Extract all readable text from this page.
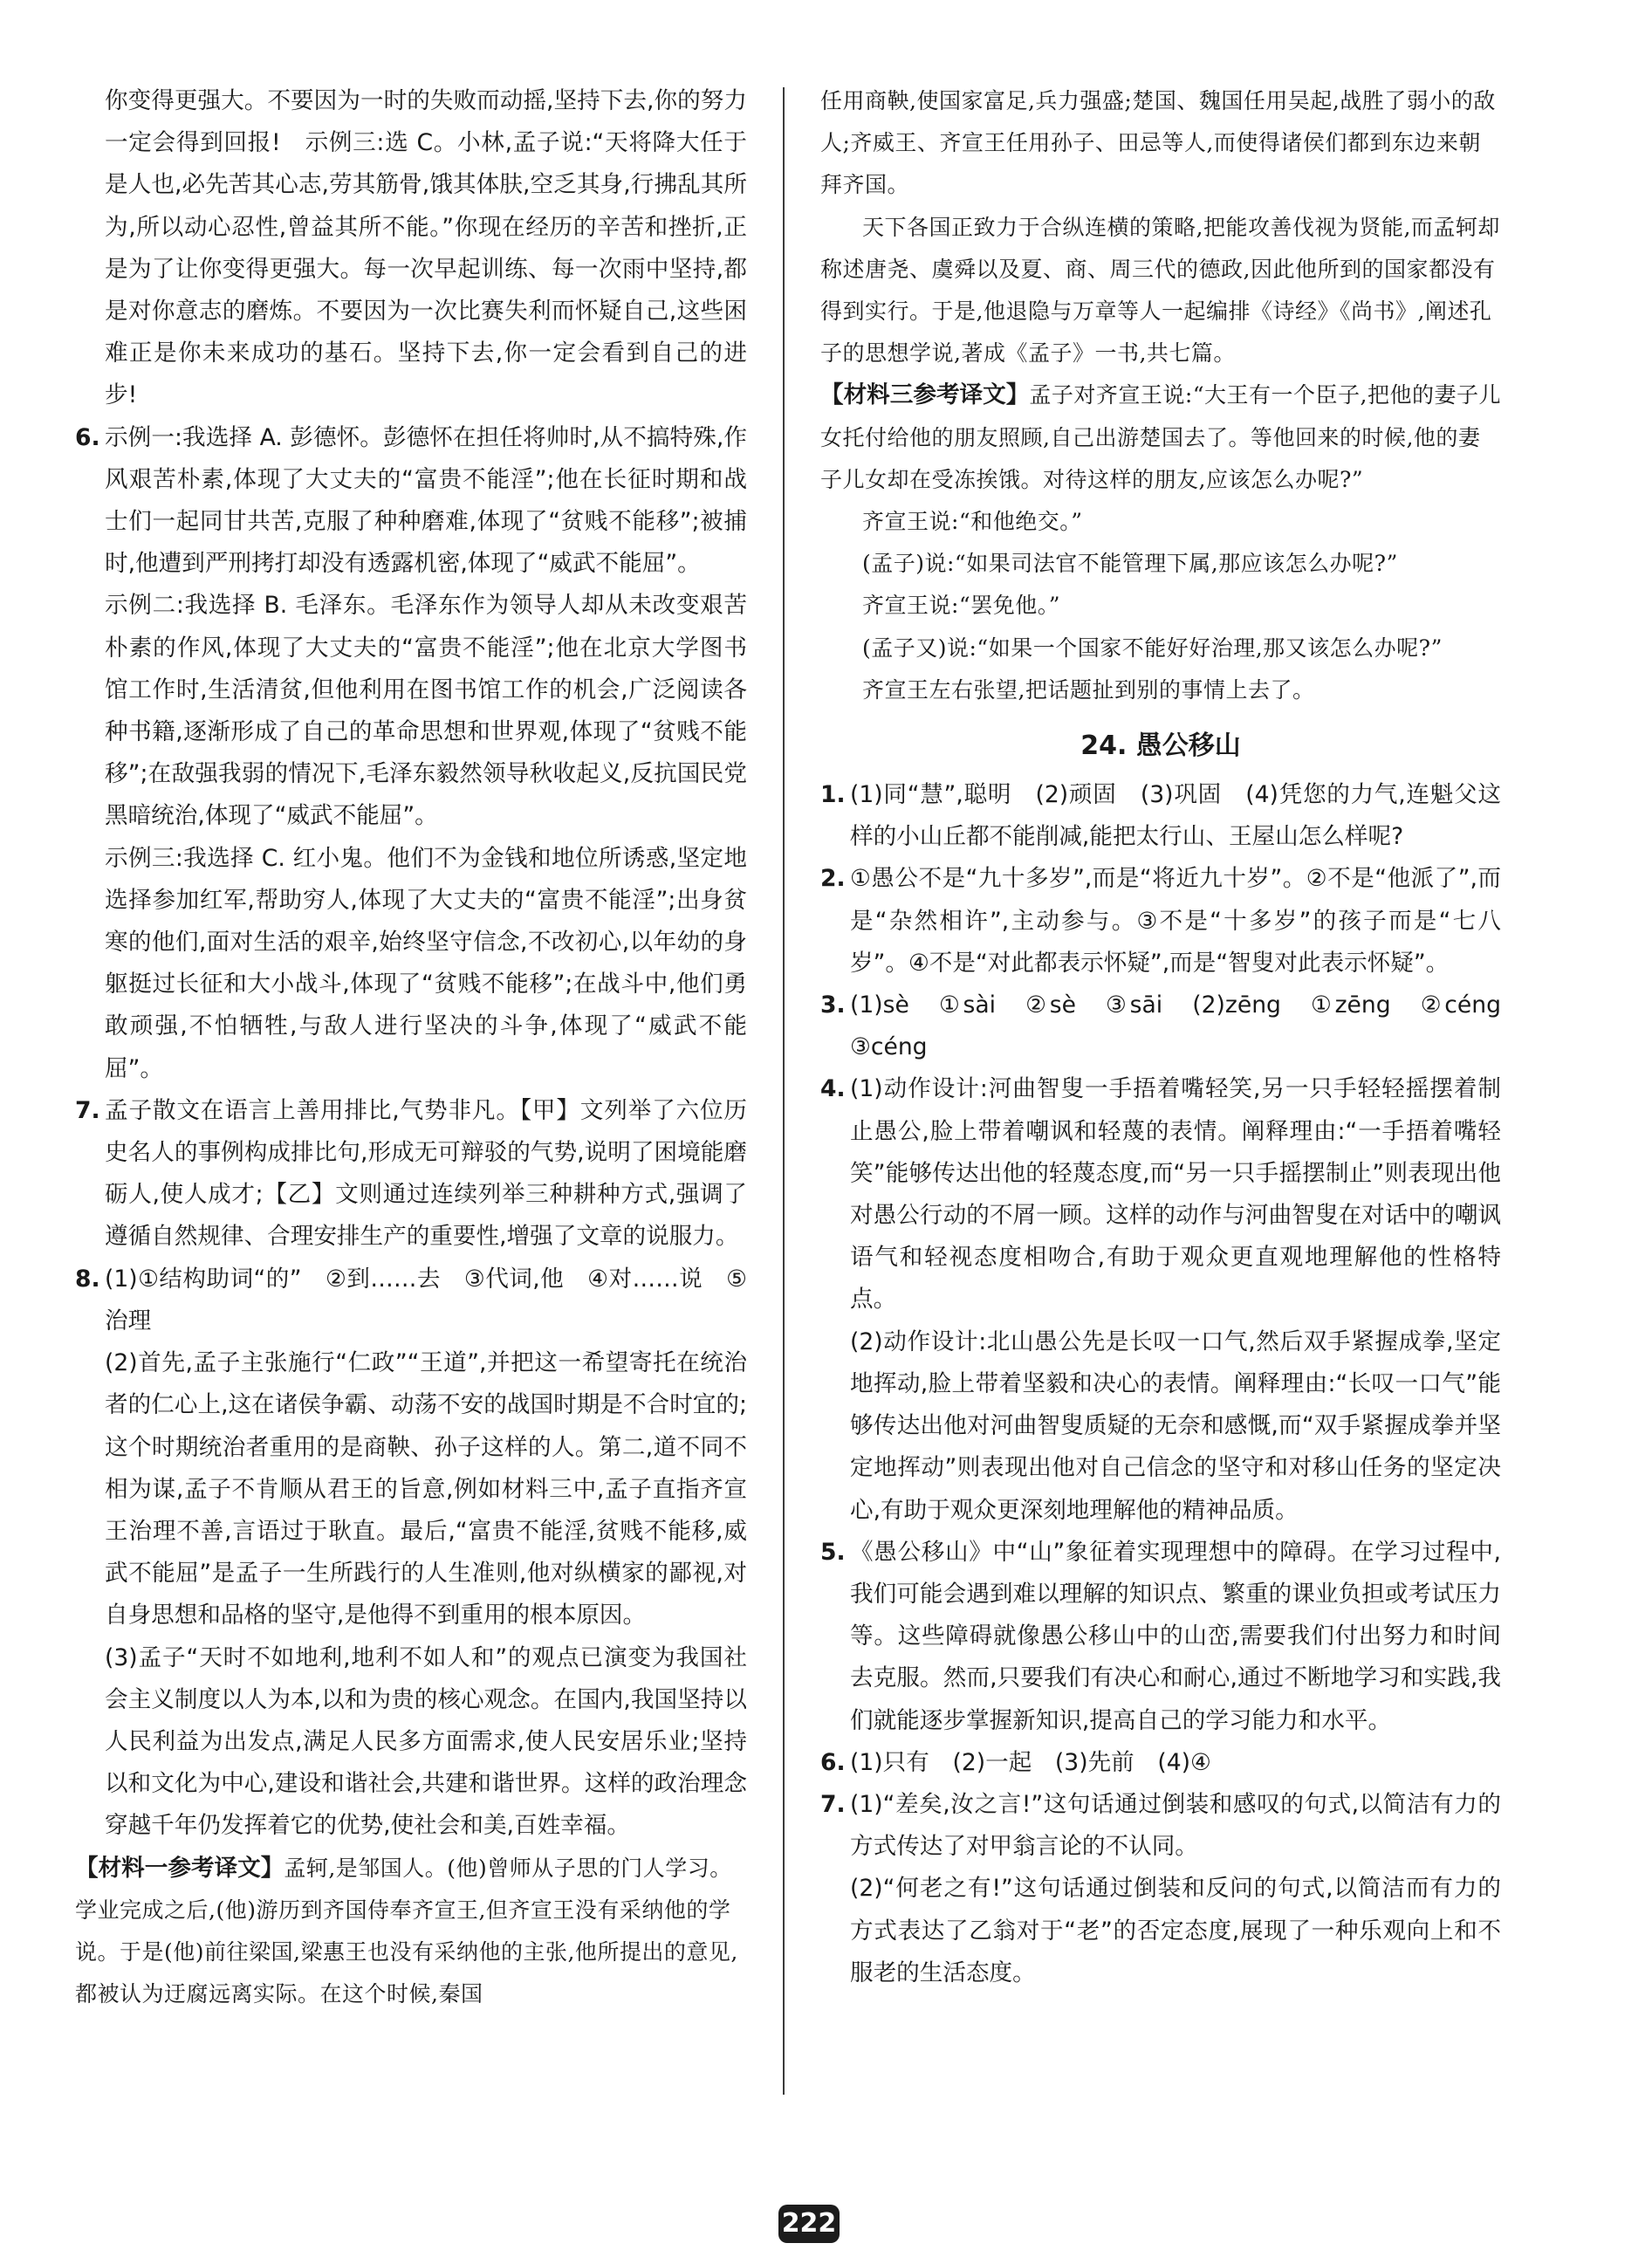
你变得更强大。不要因为一时的失败而动摇,坚持下去,你的努力一定会得到回报!　示例三:选 C。小林,孟子说:“天将降大任于是人也,必先苦其心志,劳其筋骨,饿其体肤,空乏其身,行拂乱其所为,所以动心忍性,曾益其所不能。”你现在经历的辛苦和挫折,正是为了让你变得更强大。每一次早起训练、每一次雨中坚持,都是对你意志的磨炼。不要因为一次比赛失利而怀疑自己,这些困难正是你未来成功的基石。坚持下去,你一定会看到自己的进步!

6. 示例一:我选择 A. 彭德怀。彭德怀在担任将帅时,从不搞特殊,作风艰苦朴素,体现了大丈夫的“富贵不能淫”;他在长征时期和战士们一起同甘共苦,克服了种种磨难,体现了“贫贱不能移”;被捕时,他遭到严刑拷打却没有透露机密,体现了“威武不能屈”。

示例二:我选择 B. 毛泽东。毛泽东作为领导人却从未改变艰苦朴素的作风,体现了大丈夫的“富贵不能淫”;他在北京大学图书馆工作时,生活清贫,但他利用在图书馆工作的机会,广泛阅读各种书籍,逐渐形成了自己的革命思想和世界观,体现了“贫贱不能移”;在敌强我弱的情况下,毛泽东毅然领导秋收起义,反抗国民党黑暗统治,体现了“威武不能屈”。

示例三:我选择 C. 红小鬼。他们不为金钱和地位所诱惑,坚定地选择参加红军,帮助穷人,体现了大丈夫的“富贵不能淫”;出身贫寒的他们,面对生活的艰辛,始终坚守信念,不改初心,以年幼的身躯挺过长征和大小战斗,体现了“贫贱不能移”;在战斗中,他们勇敢顽强,不怕牺牲,与敌人进行坚决的斗争,体现了“威武不能屈”。

7. 孟子散文在语言上善用排比,气势非凡。【甲】文列举了六位历史名人的事例构成排比句,形成无可辩驳的气势,说明了困境能磨砺人,使人成才;【乙】文则通过连续列举三种耕种方式,强调了遵循自然规律、合理安排生产的重要性,增强了文章的说服力。

8. (1)①结构助词“的”　②到……去　③代词,他　④对……说　⑤治理

(2)首先,孟子主张施行“仁政”“王道”,并把这一希望寄托在统治者的仁心上,这在诸侯争霸、动荡不安的战国时期是不合时宜的;这个时期统治者重用的是商鞅、孙子这样的人。第二,道不同不相为谋,孟子不肯顺从君王的旨意,例如材料三中,孟子直指齐宣王治理不善,言语过于耿直。最后,“富贵不能淫,贫贱不能移,威武不能屈”是孟子一生所践行的人生准则,他对纵横家的鄙视,对自身思想和品格的坚守,是他得不到重用的根本原因。

(3)孟子“天时不如地利,地利不如人和”的观点已演变为我国社会主义制度以人为本,以和为贵的核心观念。在国内,我国坚持以人民利益为出发点,满足人民多方面需求,使人民安居乐业;坚持以和文化为中心,建设和谐社会,共建和谐世界。这样的政治理念穿越千年仍发挥着它的优势,使社会和美,百姓幸福。

【材料一参考译文】孟轲,是邹国人。(他)曾师从子思的门人学习。学业完成之后,(他)游历到齐国侍奉齐宣王,但齐宣王没有采纳他的学说。于是(他)前往梁国,梁惠王也没有采纳他的主张,他所提出的意见,都被认为迂腐远离实际。在这个时候,秦国

任用商鞅,使国家富足,兵力强盛;楚国、魏国任用吴起,战胜了弱小的敌人;齐威王、齐宣王任用孙子、田忌等人,而使得诸侯们都到东边来朝拜齐国。

天下各国正致力于合纵连横的策略,把能攻善伐视为贤能,而孟轲却称述唐尧、虞舜以及夏、商、周三代的德政,因此他所到的国家都没有得到实行。于是,他退隐与万章等人一起编排《诗经》《尚书》,阐述孔子的思想学说,著成《孟子》一书,共七篇。

【材料三参考译文】孟子对齐宣王说:“大王有一个臣子,把他的妻子儿女托付给他的朋友照顾,自己出游楚国去了。等他回来的时候,他的妻子儿女却在受冻挨饿。对待这样的朋友,应该怎么办呢?”

齐宣王说:“和他绝交。”

(孟子)说:“如果司法官不能管理下属,那应该怎么办呢?”

齐宣王说:“罢免他。”

(孟子又)说:“如果一个国家不能好好治理,那又该怎么办呢?”

齐宣王左右张望,把话题扯到别的事情上去了。

24. 愚公移山
1. (1)同“慧”,聪明　(2)顽固　(3)巩固　(4)凭您的力气,连魁父这样的小山丘都不能削减,能把太行山、王屋山怎么样呢?

2. ①愚公不是“九十多岁”,而是“将近九十岁”。②不是“他派了”,而是“杂然相许”,主动参与。③不是“十多岁”的孩子而是“七八岁”。④不是“对此都表示怀疑”,而是“智叟对此表示怀疑”。

3. (1)sè　①sài　②sè　③sāi　(2)zēng　①zēng　②céng　③céng

4. (1)动作设计:河曲智叟一手捂着嘴轻笑,另一只手轻轻摇摆着制止愚公,脸上带着嘲讽和轻蔑的表情。阐释理由:“一手捂着嘴轻笑”能够传达出他的轻蔑态度,而“另一只手摇摆制止”则表现出他对愚公行动的不屑一顾。这样的动作与河曲智叟在对话中的嘲讽语气和轻视态度相吻合,有助于观众更直观地理解他的性格特点。

(2)动作设计:北山愚公先是长叹一口气,然后双手紧握成拳,坚定地挥动,脸上带着坚毅和决心的表情。阐释理由:“长叹一口气”能够传达出他对河曲智叟质疑的无奈和感慨,而“双手紧握成拳并坚定地挥动”则表现出他对自己信念的坚守和对移山任务的坚定决心,有助于观众更深刻地理解他的精神品质。

5. 《愚公移山》中“山”象征着实现理想中的障碍。在学习过程中,我们可能会遇到难以理解的知识点、繁重的课业负担或考试压力等。这些障碍就像愚公移山中的山峦,需要我们付出努力和时间去克服。然而,只要我们有决心和耐心,通过不断地学习和实践,我们就能逐步掌握新知识,提高自己的学习能力和水平。

6. (1)只有　(2)一起　(3)先前　(4)④

7. (1)“差矣,汝之言!”这句话通过倒装和感叹的句式,以简洁有力的方式传达了对甲翁言论的不认同。

(2)“何老之有!”这句话通过倒装和反问的句式,以简洁而有力的方式表达了乙翁对于“老”的否定态度,展现了一种乐观向上和不服老的生活态度。

222
